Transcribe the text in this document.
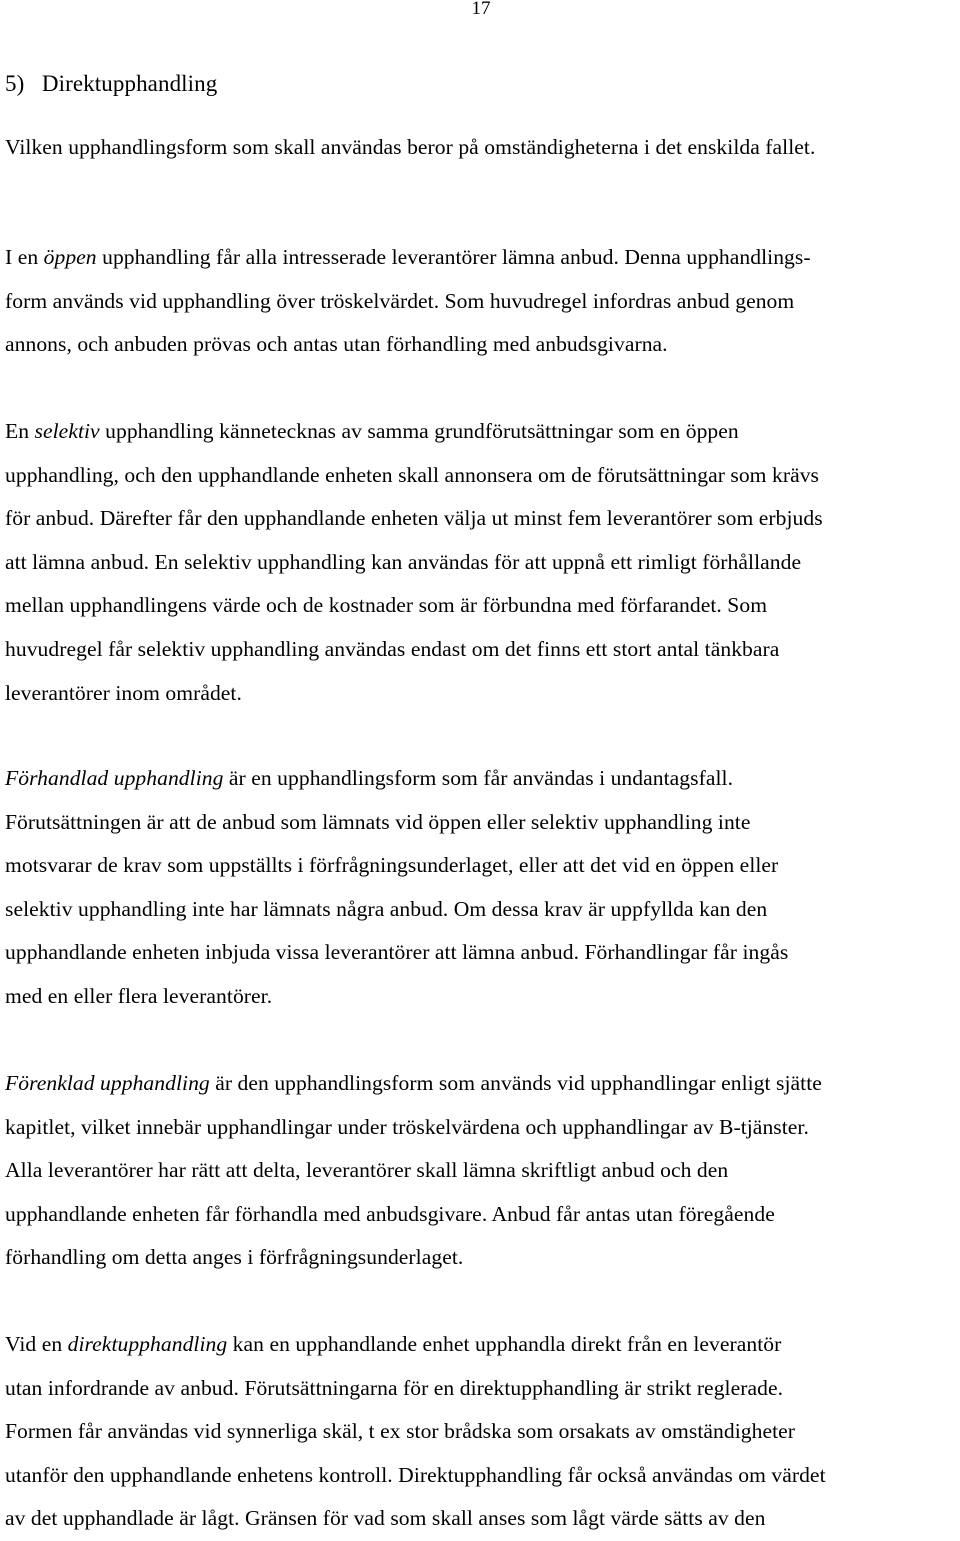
17
5)   Direktupphandling

Vilken upphandlingsform som skall användas beror på omständigheterna i det enskilda fallet.

I en öppen upphandling får alla intresserade leverantörer lämna anbud. Denna upphandlings-
form används vid upphandling över tröskelvärdet. Som huvudregel infordras anbud genom
annons, och anbuden prövas och antas utan förhandling med anbudsgivarna.

En selektiv upphandling kännetecknas av samma grundförutsättningar som en öppen
upphandling, och den upphandlande enheten skall annonsera om de förutsättningar som krävs
för anbud. Därefter får den upphandlande enheten välja ut minst fem leverantörer som erbjuds
att lämna anbud. En selektiv upphandling kan användas för att uppnå ett rimligt förhållande
mellan upphandlingens värde och de kostnader som är förbundna med förfarandet. Som
huvudregel får selektiv upphandling användas endast om det finns ett stort antal tänkbara
leverantörer inom området.

Förhandlad upphandling är en upphandlingsform som får användas i undantagsfall.
Förutsättningen är att de anbud som lämnats vid öppen eller selektiv upphandling inte
motsvarar de krav som uppställts i förfrågningsunderlaget, eller att det vid en öppen eller
selektiv upphandling inte har lämnats några anbud. Om dessa krav är uppfyllda kan den
upphandlande enheten inbjuda vissa leverantörer att lämna anbud. Förhandlingar får ingås
med en eller flera leverantörer.

Förenklad upphandling är den upphandlingsform som används vid upphandlingar enligt sjätte
kapitlet, vilket innebär upphandlingar under tröskelvärdena och upphandlingar av B-tjänster.
Alla leverantörer har rätt att delta, leverantörer skall lämna skriftligt anbud och den
upphandlande enheten får förhandla med anbudsgivare. Anbud får antas utan föregående
förhandling om detta anges i förfrågningsunderlaget.

Vid en direktupphandling kan en upphandlande enhet upphandla direkt från en leverantör
utan infordrande av anbud. Förutsättningarna för en direktupphandling är strikt reglerade.
Formen får användas vid synnerliga skäl, t ex stor brådska som orsakats av omständigheter
utanför den upphandlande enhetens kontroll. Direktupphandling får också användas om värdet
av det upphandlade är lågt. Gränsen för vad som skall anses som lågt värde sätts av den
